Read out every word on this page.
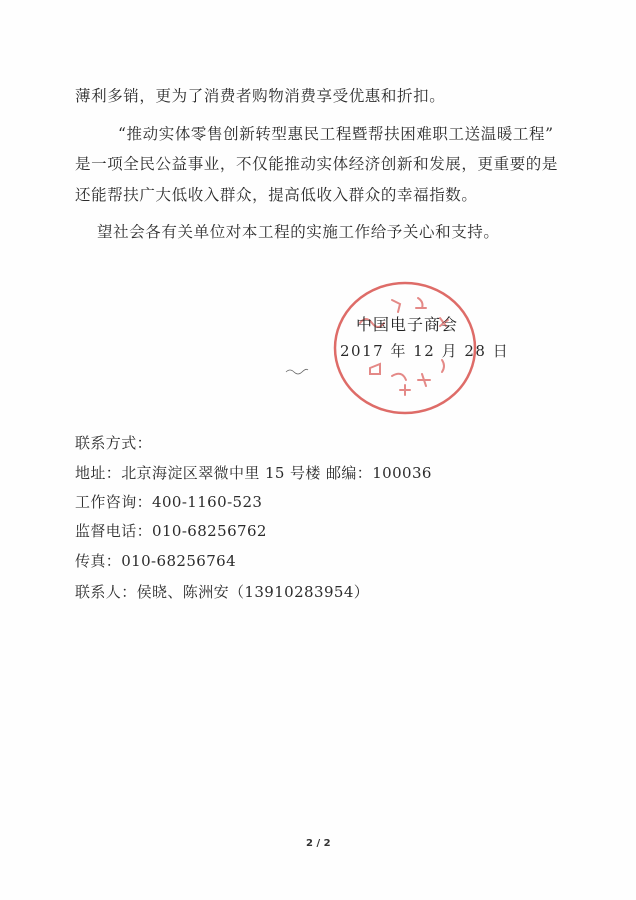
薄利多销，更为了消费者购物消费享受优惠和折扣。
“推动实体零售创新转型惠民工程暨帮扶困难职工送温暖工程”
是一项全民公益事业，不仅能推动实体经济创新和发展，更重要的是
还能帮扶广大低收入群众，提高低收入群众的幸福指数。
望社会各有关单位对本工程的实施工作给予关心和支持。
中国电子商会
2017 年 12 月 28 日
联系方式：
地址：北京海淀区翠微中里 15 号楼 邮编：100036
工作咨询：400-1160-523
监督电话：010-68256762
传真：010-68256764
联系人：侯晓、陈洲安（13910283954）
2 / 2
